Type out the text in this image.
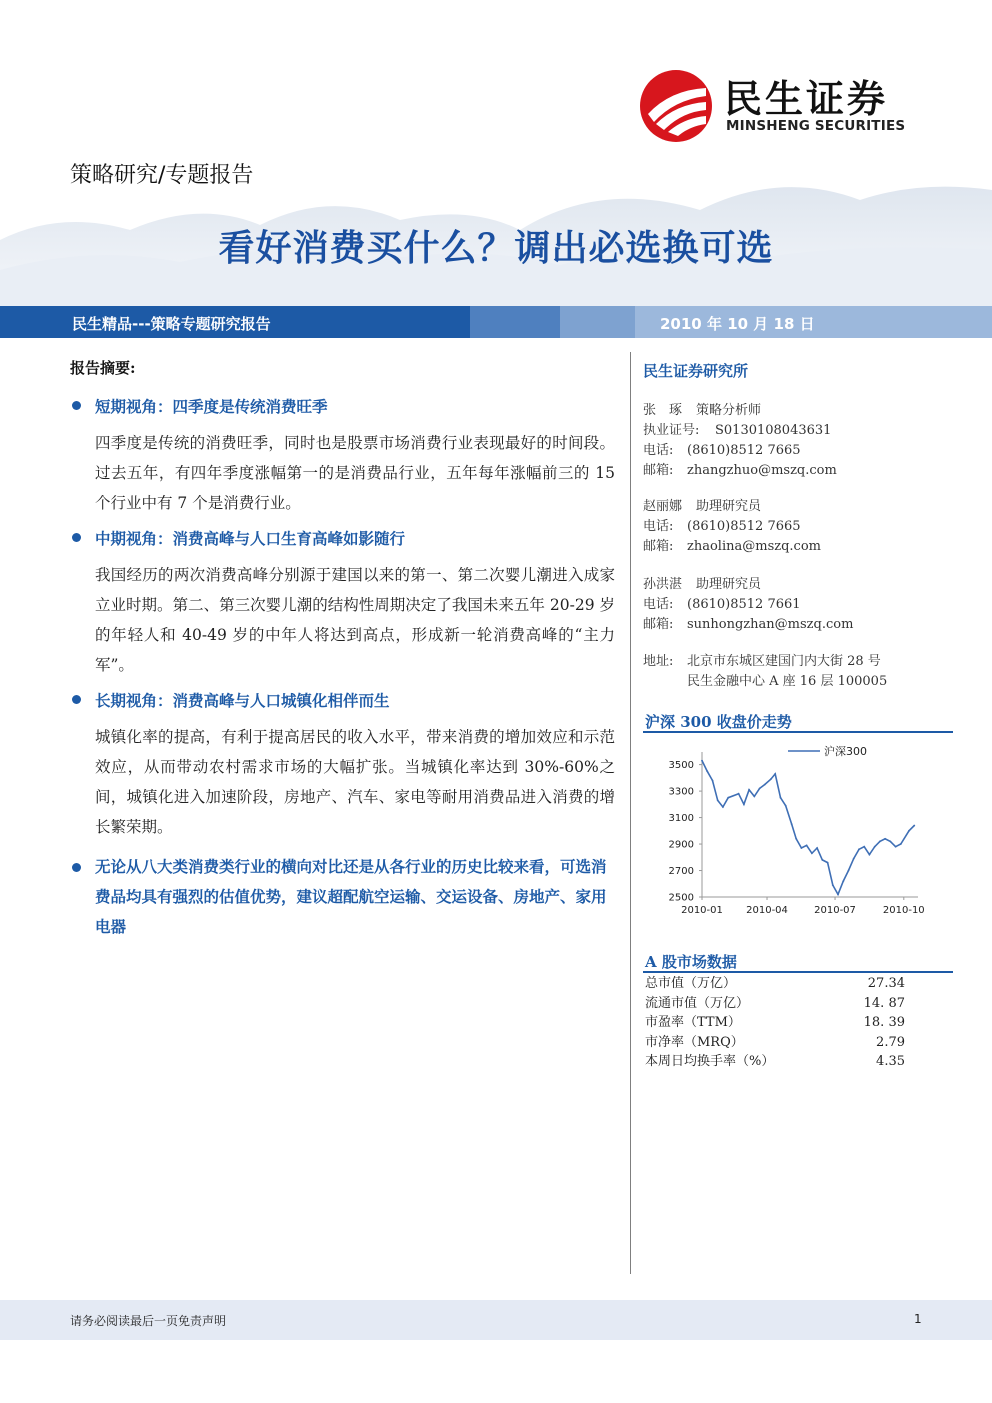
民生证券
MINSHENG SECURITIES
策略研究/专题报告
看好消费买什么？调出必选换可选
民生精品---策略专题研究报告	2010 年 10 月 18 日
报告摘要:
短期视角：四季度是传统消费旺季
四季度是传统的消费旺季，同时也是股票市场消费行业表现最好的时间段。过去五年，有四年季度涨幅第一的是消费品行业，五年每年涨幅前三的 15 个行业中有 7 个是消费行业。
中期视角：消费高峰与人口生育高峰如影随行
我国经历的两次消费高峰分别源于建国以来的第一、第二次婴儿潮进入成家立业时期。第二、第三次婴儿潮的结构性周期决定了我国未来五年 20-29 岁的年轻人和 40-49 岁的中年人将达到高点，形成新一轮消费高峰的“主力军”。
长期视角：消费高峰与人口城镇化相伴而生
城镇化率的提高，有利于提高居民的收入水平，带来消费的增加效应和示范效应，从而带动农村需求市场的大幅扩张。当城镇化率达到 30%-60%之间，城镇化进入加速阶段，房地产、汽车、家电等耐用消费品进入消费的增长繁荣期。
无论从八大类消费类行业的横向对比还是从各行业的历史比较来看，可选消费品均具有强烈的估值优势，建议超配航空运输、交运设备、房地产、家用电器
民生证券研究所
张　琢 策略分析师
执业证号: S0130108043631
电话: (8610)8512 7665
邮箱: zhangzhuo@mszq.com
赵丽娜 助理研究员
电话: (8610)8512 7665
邮箱: zhaolina@mszq.com
孙洪湛 助理研究员
电话: (8610)8512 7661
邮箱: sunhongzhan@mszq.com
地址: 北京市东城区建国门内大街 28 号
民生金融中心 A 座 16 层 100005
沪深 300 收盘价走势
2500
2700
2900
3100
3300
3500
2010-01 2010-04	2010-07	2010-10
沪深300
A 股市场数据
总市值（万亿）	27.34
流通市值（万亿）	14. 87
市盈率（TTM）	18. 39
市净率（MRQ）	2.79
本周日均换手率（%）	4.35
请务必阅读最后一页免责声明	1
